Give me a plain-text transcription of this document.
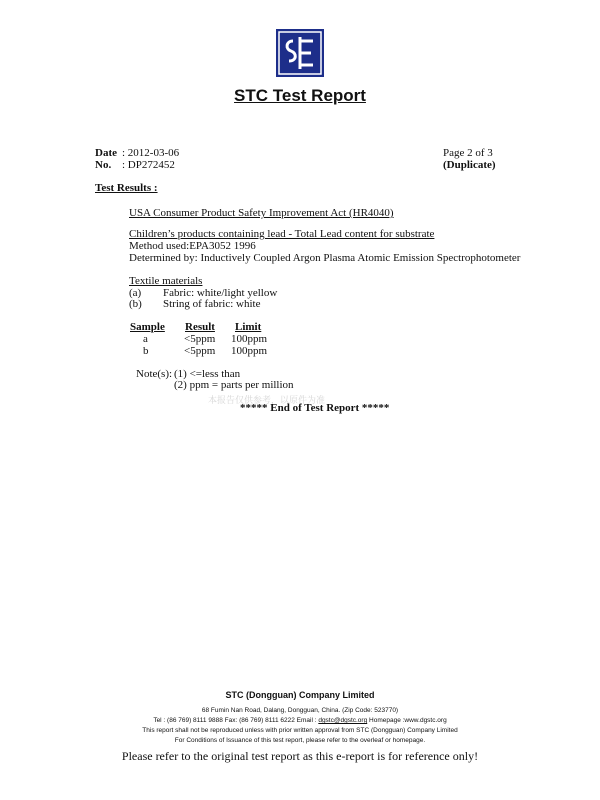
STC Test Report
Date : 2012-03-06
No. : DP272452
Page 2 of 3
(Duplicate)
Test Results :
USA Consumer Product Safety Improvement Act (HR4040)
Children’s products containing lead - Total Lead content for substrate
Method used:EPA3052 1996
Determined by: Inductively Coupled Argon Plasma Atomic Emission Spectrophotometer
Textile materials
(a) Fabric: white/light yellow
(b) String of fabric: white
Sample Result Limit
a	<5ppm 100ppm
b	<5ppm 100ppm
Note(s): (1) <=less than
(2) ppm = parts per million
本报告仅供参考，以原件为准
***** End of Test Report *****
STC (Dongguan) Company Limited
68 Fumin Nan Road, Dalang, Dongguan, China. (Zip Code: 523770)
Tel : (86 769) 8111 9888 Fax: (86 769) 8111 6222 Email : dgstc@dgstc.org Homepage :www.dgstc.org
This report shall not be reproduced unless with prior written approval from STC (Dongguan) Company Limited
For Conditions of Issuance of this test report, please refer to the overleaf or homepage.
Please refer to the original test report as this e-report is for reference only!
